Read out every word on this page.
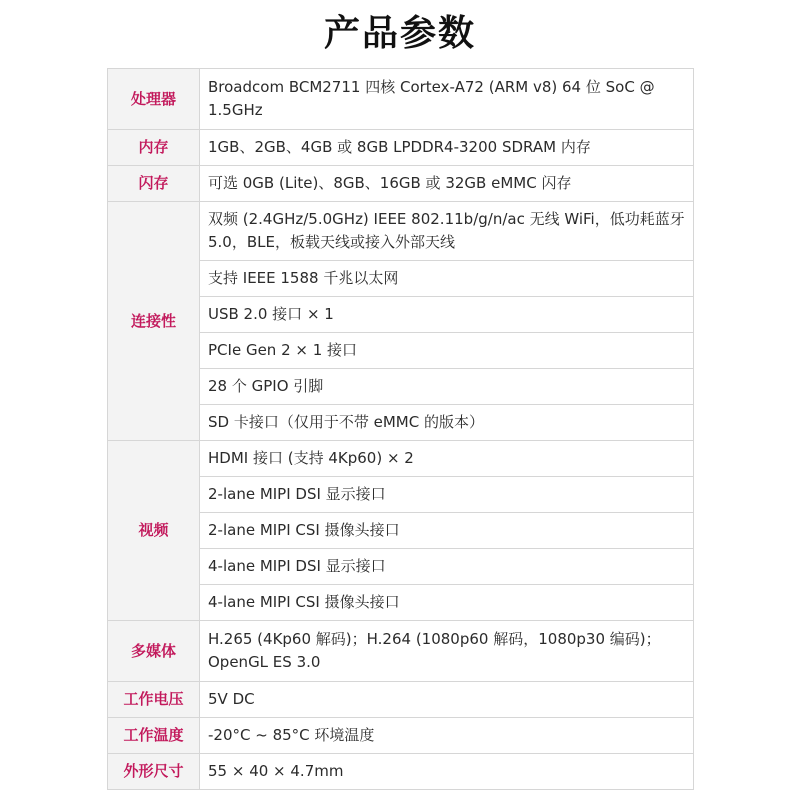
产品参数
处理器	Broadcom BCM2711 四核 Cortex-A72 (ARM v8) 64 位 SoC @ 1.5GHz
内存	1GB、2GB、4GB 或 8GB LPDDR4-3200 SDRAM 内存
闪存	可选 0GB (Lite)、8GB、16GB 或 32GB eMMC 闪存
连接性	双频 (2.4GHz/5.0GHz) IEEE 802.11b/g/n/ac 无线 WiFi，低功耗蓝牙 5.0，BLE，板载天线或接入外部天线
	支持 IEEE 1588 千兆以太网
	USB 2.0 接口 × 1
	PCIe Gen 2 × 1 接口
	28 个 GPIO 引脚
	SD 卡接口（仅用于不带 eMMC 的版本）
视频	HDMI 接口 (支持 4Kp60) × 2
	2-lane MIPI DSI 显示接口
	2-lane MIPI CSI 摄像头接口
	4-lane MIPI DSI 显示接口
	4-lane MIPI CSI 摄像头接口
多媒体	H.265 (4Kp60 解码)；H.264 (1080p60 解码，1080p30 编码)；OpenGL ES 3.0
工作电压	5V DC
工作温度	-20°C ~ 85°C 环境温度
外形尺寸	55 × 40 × 4.7mm
